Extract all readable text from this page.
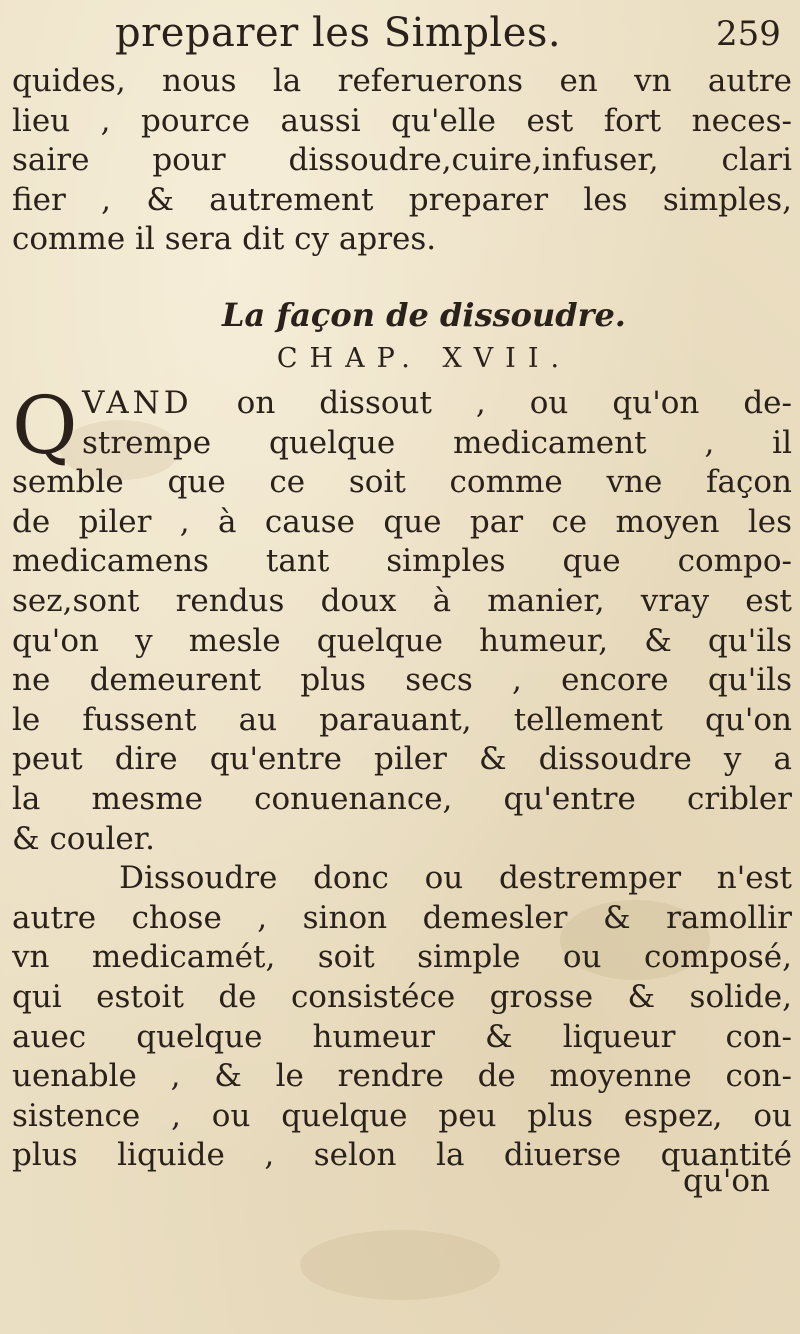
preparer les Simples.	259
quides, nous la referuerons en vn autre
lieu , pource aussi qu'elle est fort neces-
saire pour dissoudre,cuire,infuser, clari
fier , & autrement preparer les simples,
comme il sera dit cy apres.
La façon de dissoudre.
CHAP. XVII.
Q VAND on dissout , ou qu'on de-
strempe quelque medicament , il
semble que ce soit comme vne façon
de piler , à cause que par ce moyen les
medicamens tant simples que compo-
sez,sont rendus doux à manier, vray est
qu'on y mesle quelque humeur, & qu'ils
ne demeurent plus secs , encore qu'ils
le fussent au parauant, tellement qu'on
peut dire qu'entre piler & dissoudre y a
la mesme conuenance, qu'entre cribler
& couler.
Dissoudre donc ou destremper n'est
autre chose , sinon demesler & ramollir
vn medicamét, soit simple ou composé,
qui estoit de consistéce grosse & solide,
auec quelque humeur & liqueur con-
uenable , & le rendre de moyenne con-
sistence , ou quelque peu plus espez, ou
plus liquide , selon la diuerse quantité
qu'on
